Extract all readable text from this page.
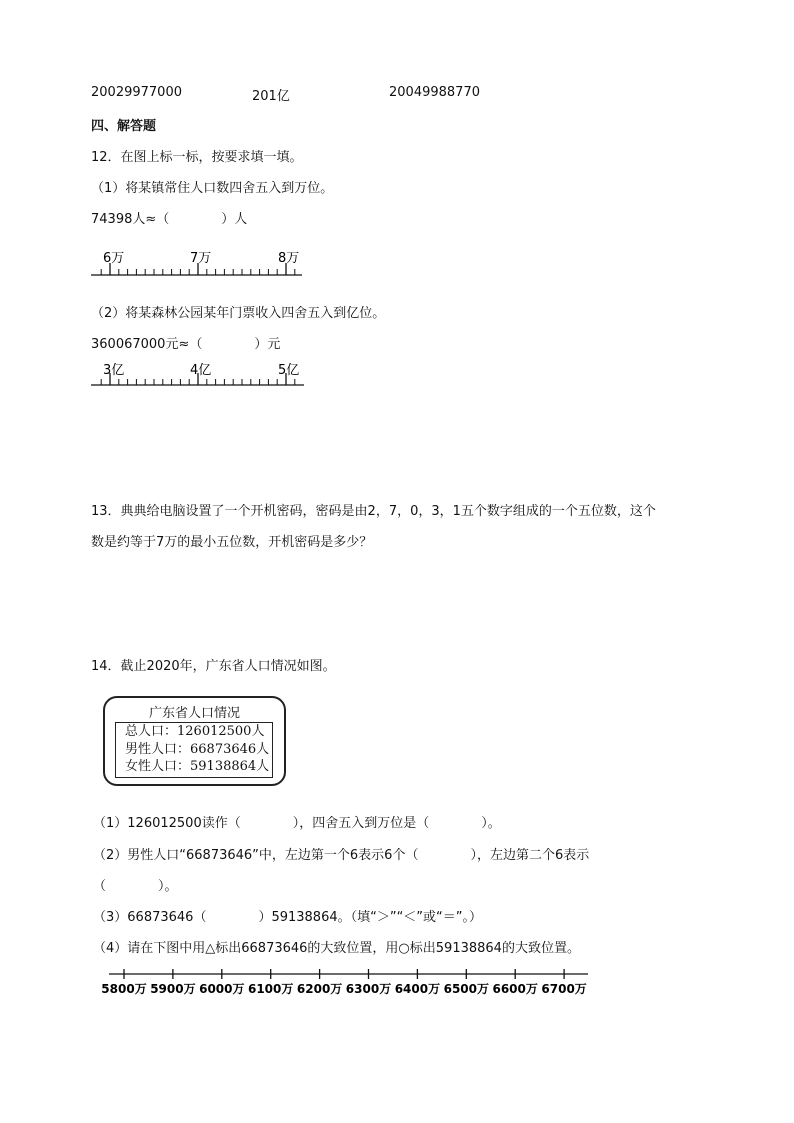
20029977000	201亿	20049988770
四、解答题
12．在图上标一标，按要求填一填。
（1）将某镇常住人口数四舍五入到万位。
74398人≈（　　　　）人
6万	7万	8万
（2）将某森林公园某年门票收入四舍五入到亿位。
360067000元≈（　　　　）元
3亿	4亿	5亿
13．典典给电脑设置了一个开机密码，密码是由2，7，0，3，1五个数字组成的一个五位数，这个
数是约等于7万的最小五位数，开机密码是多少？
14．截止2020年，广东省人口情况如图。
广东省人口情况
总人口：126012500人
男性人口：66873646人
女性人口：59138864人
（1）126012500读作（　　　　），四舍五入到万位是（　　　　）。
（2）男性人口“66873646”中，左边第一个6表示6个（　　　　），左边第二个6表示
（　　　　）。
（3）66873646（　　　　）59138864。（填“＞”“＜”或“＝”。）
（4）请在下图中用△标出66873646的大致位置，用○标出59138864的大致位置。
5800万 5900万 6000万 6100万 6200万 6300万 6400万 6500万 6600万 6700万
